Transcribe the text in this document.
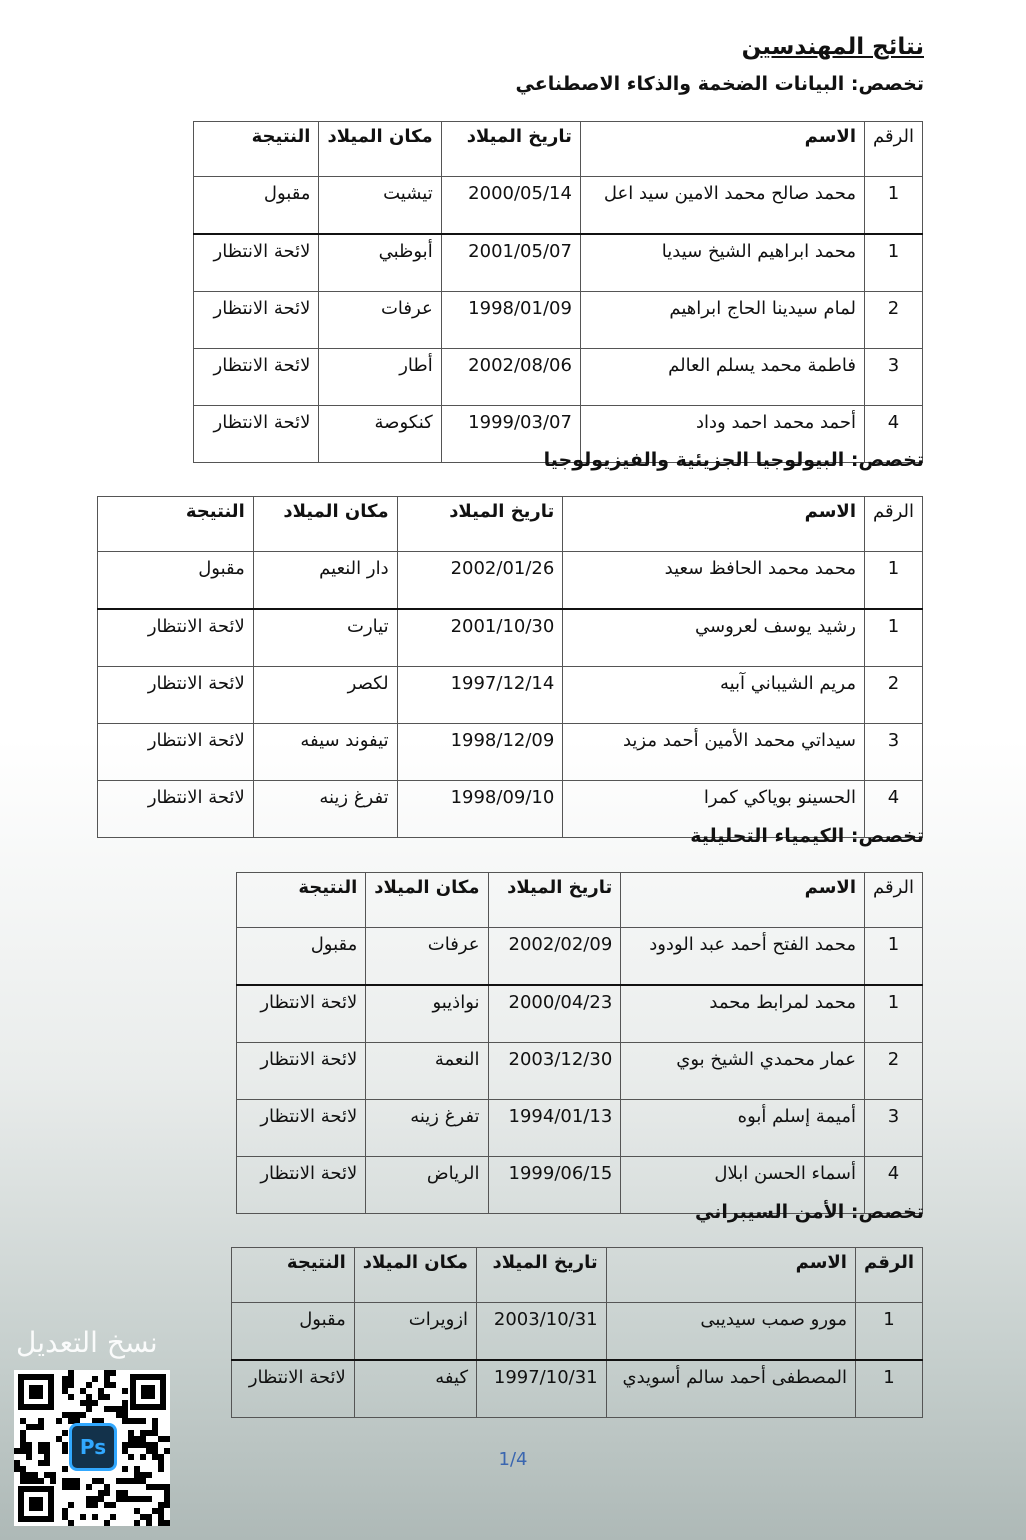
نتائج المهندسين
تخصص: البيانات الضخمة والذكاء الاصطناعي
الرقم	الاسم	تاريخ الميلاد	مكان الميلاد	النتيجة
1	محمد صالح محمد الامين سيد اعل	2000/05/14	تيشيت	مقبول
1	محمد ابراهيم الشيخ سيديا	2001/05/07	أبوظبي	لائحة الانتظار
2	لمام سيدينا الحاج ابراهيم	1998/01/09	عرفات	لائحة الانتظار
3	فاطمة محمد يسلم العالم	2002/08/06	أطار	لائحة الانتظار
4	أحمد محمد احمد وداد	1999/03/07	كنكوصة	لائحة الانتظار
تخصص: البيولوجيا الجزيئية والفيزيولوجيا
الرقم	الاسم	تاريخ الميلاد	مكان الميلاد	النتيجة
1	محمد محمد الحافظ سعيد	2002/01/26	دار النعيم	مقبول
1	رشيد يوسف لعروسي	2001/10/30	تيارت	لائحة الانتظار
2	مريم الشيباني آبيه	1997/12/14	لكصر	لائحة الانتظار
3	سيداتي محمد الأمين أحمد مزيد	1998/12/09	تيفوند سيفه	لائحة الانتظار
4	الحسينو بوياكي كمرا	1998/09/10	تفرغ زينه	لائحة الانتظار
تخصص: الكيمياء التحليلية
الرقم	الاسم	تاريخ الميلاد	مكان الميلاد	النتيجة
1	محمد الفتح أحمد عبد الودود	2002/02/09	عرفات	مقبول
1	محمد لمرابط محمد	2000/04/23	نواذيبو	لائحة الانتظار
2	عمار محمدي الشيخ بوي	2003/12/30	النعمة	لائحة الانتظار
3	أميمة إسلم أبوه	1994/01/13	تفرغ زينه	لائحة الانتظار
4	أسماء الحسن ابلال	1999/06/15	الرياض	لائحة الانتظار
تخصص: الأمن السيبراني
الرقم	الاسم	تاريخ الميلاد	مكان الميلاد	النتيجة
1	مورو صمب سيديبى	2003/10/31	ازويرات	مقبول
1	المصطفى أحمد سالم أسويدي	1997/10/31	كيفه	لائحة الانتظار
نسخ التعديل
Ps
1/4
